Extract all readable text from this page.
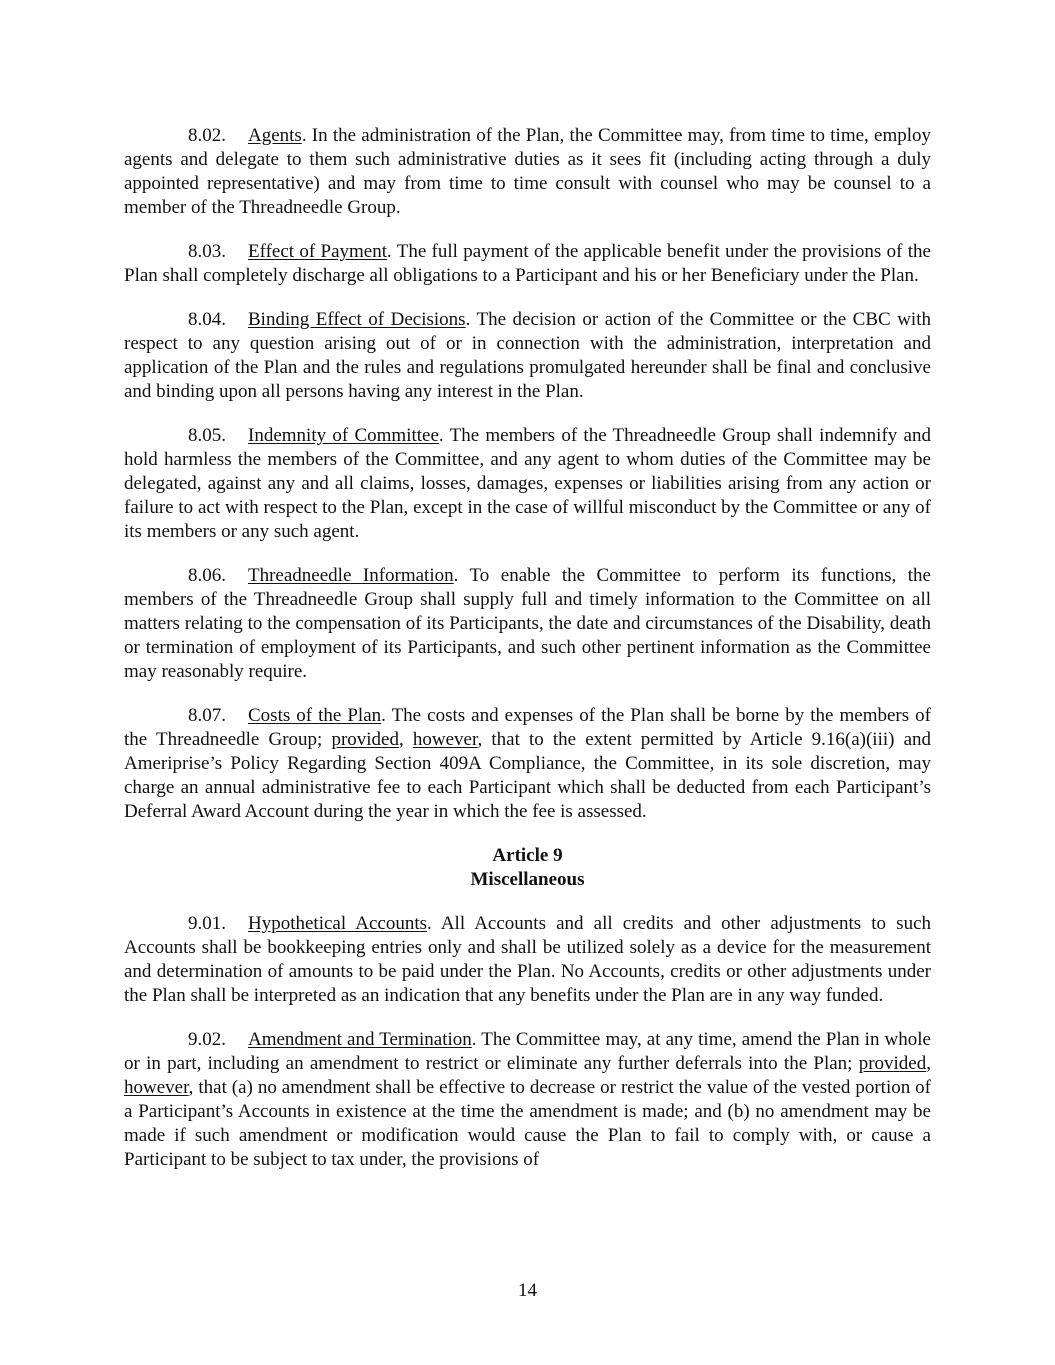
8.02. Agents. In the administration of the Plan, the Committee may, from time to time, employ agents and delegate to them such administrative duties as it sees fit (including acting through a duly appointed representative) and may from time to time consult with counsel who may be counsel to a member of the Threadneedle Group.

8.03. Effect of Payment. The full payment of the applicable benefit under the provisions of the Plan shall completely discharge all obligations to a Participant and his or her Beneficiary under the Plan.

8.04. Binding Effect of Decisions. The decision or action of the Committee or the CBC with respect to any question arising out of or in connection with the administration, interpretation and application of the Plan and the rules and regulations promulgated hereunder shall be final and conclusive and binding upon all persons having any interest in the Plan.

8.05. Indemnity of Committee. The members of the Threadneedle Group shall indemnify and hold harmless the members of the Committee, and any agent to whom duties of the Committee may be delegated, against any and all claims, losses, damages, expenses or liabilities arising from any action or failure to act with respect to the Plan, except in the case of willful misconduct by the Committee or any of its members or any such agent.

8.06. Threadneedle Information. To enable the Committee to perform its functions, the members of the Threadneedle Group shall supply full and timely information to the Committee on all matters relating to the compensation of its Participants, the date and circumstances of the Disability, death or termination of employment of its Participants, and such other pertinent information as the Committee may reasonably require.

8.07. Costs of the Plan. The costs and expenses of the Plan shall be borne by the members of the Threadneedle Group; provided, however, that to the extent permitted by Article 9.16(a)(iii) and Ameriprise’s Policy Regarding Section 409A Compliance, the Committee, in its sole discretion, may charge an annual administrative fee to each Participant which shall be deducted from each Participant’s Deferral Award Account during the year in which the fee is assessed.

Article 9
Miscellaneous

9.01. Hypothetical Accounts. All Accounts and all credits and other adjustments to such Accounts shall be bookkeeping entries only and shall be utilized solely as a device for the measurement and determination of amounts to be paid under the Plan. No Accounts, credits or other adjustments under the Plan shall be interpreted as an indication that any benefits under the Plan are in any way funded.

9.02. Amendment and Termination. The Committee may, at any time, amend the Plan in whole or in part, including an amendment to restrict or eliminate any further deferrals into the Plan; provided, however, that (a) no amendment shall be effective to decrease or restrict the value of the vested portion of a Participant’s Accounts in existence at the time the amendment is made; and (b) no amendment may be made if such amendment or modification would cause the Plan to fail to comply with, or cause a Participant to be subject to tax under, the provisions of

14
